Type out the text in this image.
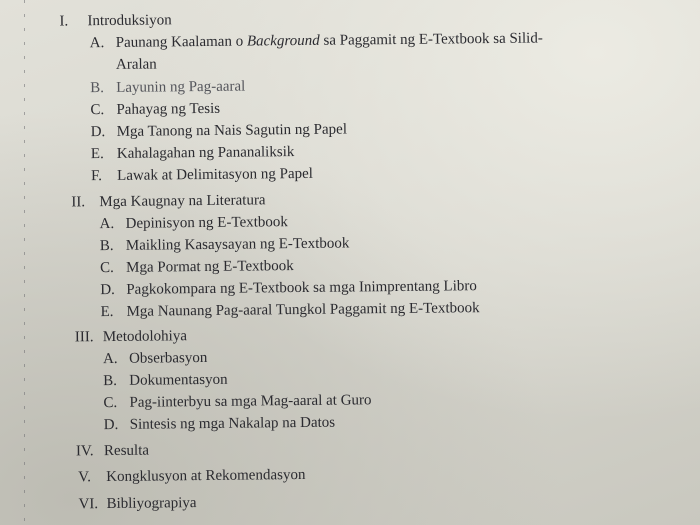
I. Introduksiyon
A. Paunang Kaalaman o Background sa Paggamit ng E-Textbook sa Silid-
Aralan
B. Layunin ng Pag-aaral
C. Pahayag ng Tesis
D. Mga Tanong na Nais Sagutin ng Papel
E. Kahalagahan ng Pananaliksik
F. Lawak at Delimitasyon ng Papel
II. Mga Kaugnay na Literatura
A. Depinisyon ng E-Textbook
B. Maikling Kasaysayan ng E-Textbook
C. Mga Pormat ng E-Textbook
D. Pagkokompara ng E-Textbook sa mga Inimprentang Libro
E. Mga Naunang Pag-aaral Tungkol Paggamit ng E-Textbook
III. Metodolohiya
A. Obserbasyon
B. Dokumentasyon
C. Pag-iinterbyu sa mga Mag-aaral at Guro
D. Sintesis ng mga Nakalap na Datos
IV. Resulta
V. Kongklusyon at Rekomendasyon
VI. Bibliyograpiya
